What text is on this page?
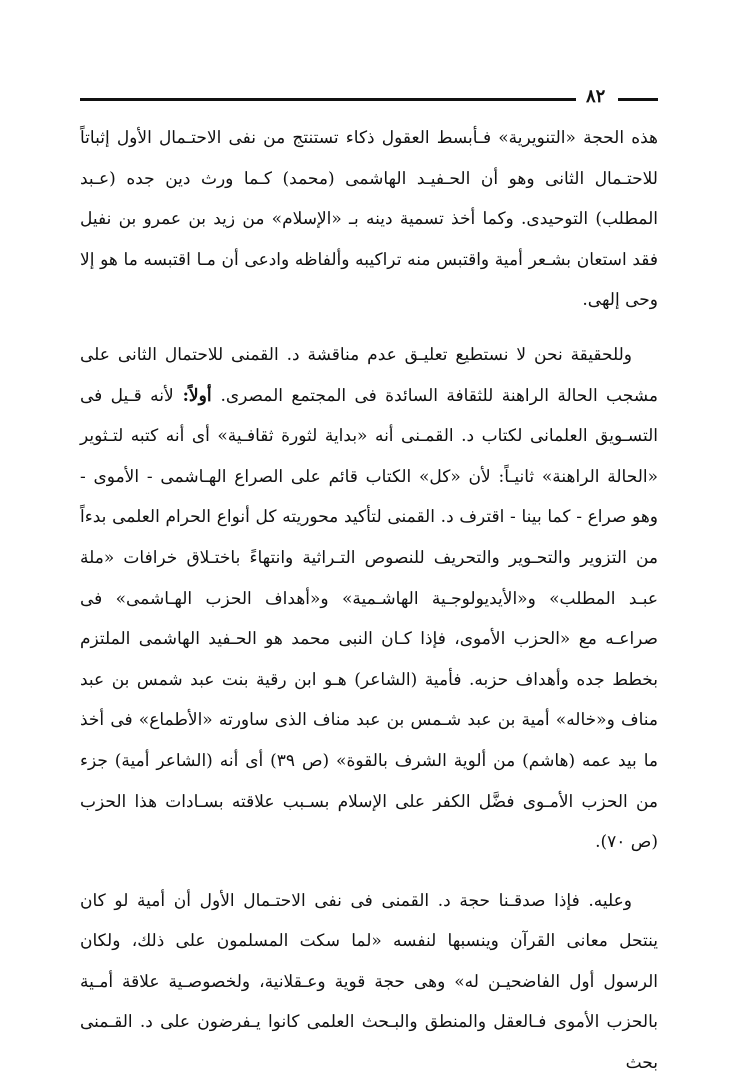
٨٢

هذه الحجة «التنويرية» فـأبسط العقول ذكاء تستنتج من نفى الاحتـمال الأول إثباتاً للاحتـمال الثانى وهو أن الحـفيـد الهاشمى (محمد) كـما ورث دين جده (عـبد المطلب) التوحيدى. وكما أخذ تسمية دينه بـ «الإسلام» من زيد بن عمرو بن نفيل فقد استعان بشـعر أمية واقتبس منه تراكيبه وألفاظه وادعى أن مـا اقتبسه ما هو إلا وحى إلهى.

وللحقيقة نحن لا نستطيع تعليـق عدم مناقشة د. القمنى للاحتمال الثانى على مشجب الحالة الراهنة للثقافة السائدة فى المجتمع المصرى. أولاً: لأنه قـيل فى التسـويق العلمانى لكتاب د. القمـنى أنه «بداية لثورة ثقافـية» أى أنه كتبه لتـثوير «الحالة الراهنة» ثانيـاً: لأن «كل» الكتاب قائم على الصراع الهـاشمى - الأموى - وهو صراع - كما بينا - اقترف د. القمنى لتأكيد محوريته كل أنواع الحرام العلمى بدءاً من التزوير والتحـوير والتحريف للنصوص التـراثية وانتهاءً باختـلاق خرافات «ملة عبـد المطلب» و«الأيديولوجـية الهاشـمية» و«أهداف الحزب الهـاشمى» فى صراعـه مع «الحزب الأموى، فإذا كـان النبى محمد هو الحـفيد الهاشمى الملتزم بخطط جده وأهداف حزبه. فأمية (الشاعر) هـو ابن رقية بنت عبد شمس بن عبد مناف و«خاله» أمية بن عبد شـمس بن عبد مناف الذى ساورته «الأطماع» فى أخذ ما بيد عمه (هاشم) من ألوية الشرف بالقوة» (ص ٣٩) أى أنه (الشاعر أمية) جزء من الحزب الأمـوى فضَّل الكفر على الإسلام بسـبب علاقته بسـادات هذا الحزب (ص ٧٠).

وعليه. فإذا صدقـنا حجة د. القمنى فى نفى الاحتـمال الأول أن أمية لو كان ينتحل معانى القرآن وينسبها لنفسه «لما سكت المسلمون على ذلك، ولكان الرسول أول الفاضحيـن له» وهى حجة قوية وعـقلانية، ولخصوصـية علاقة أمـية بالحزب الأموى فـالعقل والمنطق والبـحث العلمى كانوا يـفرضون على د. القـمنى بحث
